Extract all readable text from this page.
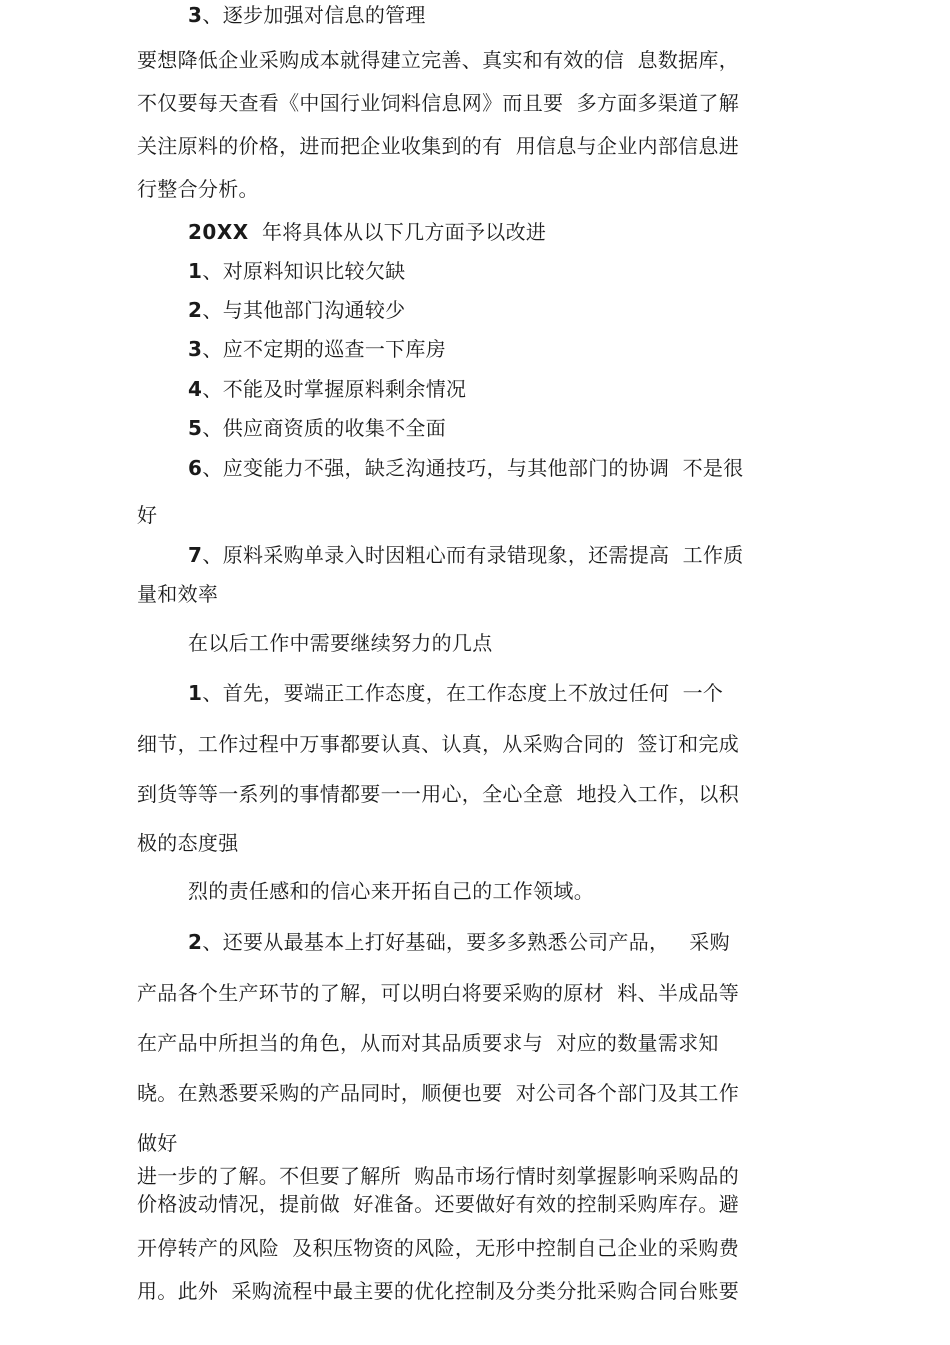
3、逐步加强对信息的管理
要想降低企业采购成本就得建立完善、真实和有效的信  息数据库，
不仅要每天查看《中国行业饲料信息网》而且要  多方面多渠道了解
关注原料的价格，进而把企业收集到的有  用信息与企业内部信息进
行整合分析。
20XX  年将具体从以下几方面予以改进
1、对原料知识比较欠缺
2、与其他部门沟通较少
3、应不定期的巡查一下库房
4、不能及时掌握原料剩余情况
5、供应商资质的收集不全面
6、应变能力不强，缺乏沟通技巧，与其他部门的协调  不是很
好
7、原料采购单录入时因粗心而有录错现象，还需提高  工作质
量和效率
在以后工作中需要继续努力的几点
1、首先，要端正工作态度，在工作态度上不放过任何  一个
细节，工作过程中万事都要认真、认真，从采购合同的  签订和完成
到货等等一系列的事情都要一一用心，全心全意  地投入工作，以积
极的态度强
烈的责任感和的信心来开拓自己的工作领域。
2、还要从最基本上打好基础，要多多熟悉公司产品，   采购
产品各个生产环节的了解，可以明白将要采购的原材  料、半成品等
在产品中所担当的角色，从而对其品质要求与  对应的数量需求知
晓。在熟悉要采购的产品同时，顺便也要  对公司各个部门及其工作
做好
进一步的了解。不但要了解所  购品市场行情时刻掌握影响采购品的
价格波动情况，提前做  好准备。还要做好有效的控制采购库存。避
开停转产的风险  及积压物资的风险，无形中控制自己企业的采购费
用。此外  采购流程中最主要的优化控制及分类分批采购合同台账要
